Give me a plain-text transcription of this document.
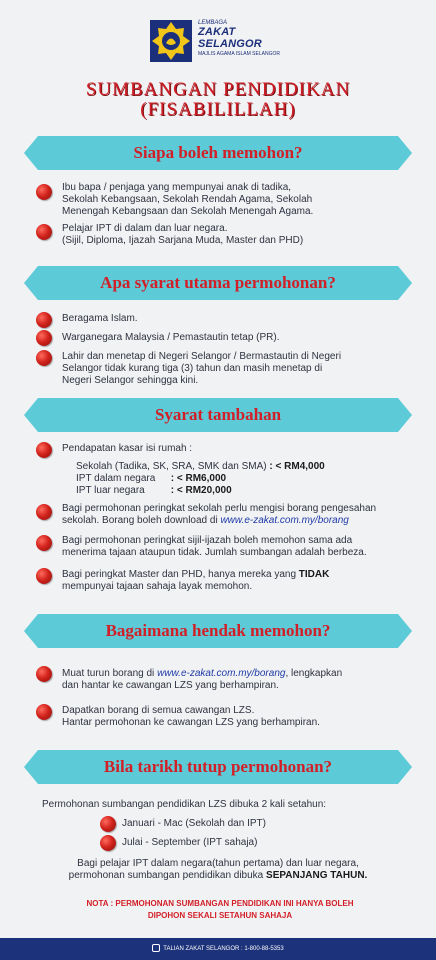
LEMBAGA
ZAKAT SELANGOR
MAJLIS AGAMA ISLAM SELANGOR
SUMBANGAN PENDIDIKAN
(FISABILILLAH)
Siapa boleh memohon?
Ibu bapa / penjaga yang mempunyai anak di tadika,
Sekolah Kebangsaan, Sekolah Rendah Agama, Sekolah
Menengah Kebangsaan dan Sekolah Menengah Agama.
Pelajar IPT di dalam dan luar negara.
(Sijil, Diploma, Ijazah Sarjana Muda, Master dan PHD)
Apa syarat utama permohonan?
Beragama Islam.
Warganegara Malaysia / Pemastautin tetap (PR).
Lahir dan menetap di Negeri Selangor / Bermastautin di Negeri
Selangor tidak kurang tiga (3) tahun dan masih menetap di
Negeri Selangor sehingga kini.
Syarat tambahan
Pendapatan kasar isi rumah :
Sekolah (Tadika, SK, SRA, SMK dan SMA) : < RM4,000
IPT dalam negara : < RM6,000
IPT luar negara	: < RM20,000
Bagi permohonan peringkat sekolah perlu mengisi borang pengesahan
sekolah. Borang boleh download di www.e-zakat.com.my/borang
Bagi permohonan peringkat sijil-ijazah boleh memohon sama ada
menerima tajaan ataupun tidak. Jumlah sumbangan adalah berbeza.
Bagi peringkat Master dan PHD, hanya mereka yang TIDAK
mempunyai tajaan sahaja layak memohon.
Bagaimana hendak memohon?
Muat turun borang di www.e-zakat.com.my/borang, lengkapkan
dan hantar ke cawangan LZS yang berhampiran.
Dapatkan borang di semua cawangan LZS.
Hantar permohonan ke cawangan LZS yang berhampiran.
Bila tarikh tutup permohonan?
Permohonan sumbangan pendidikan LZS dibuka 2 kali setahun:
Januari - Mac (Sekolah dan IPT)
Julai - September (IPT sahaja)
Bagi pelajar IPT dalam negara(tahun pertama) dan luar negara,
permohonan sumbangan pendidikan dibuka SEPANJANG TAHUN.
NOTA : PERMOHONAN SUMBANGAN PENDIDIKAN INI HANYA BOLEH
DIPOHON SEKALI SETAHUN SAHAJA
TALIAN ZAKAT SELANGOR : 1-800-88-5353
